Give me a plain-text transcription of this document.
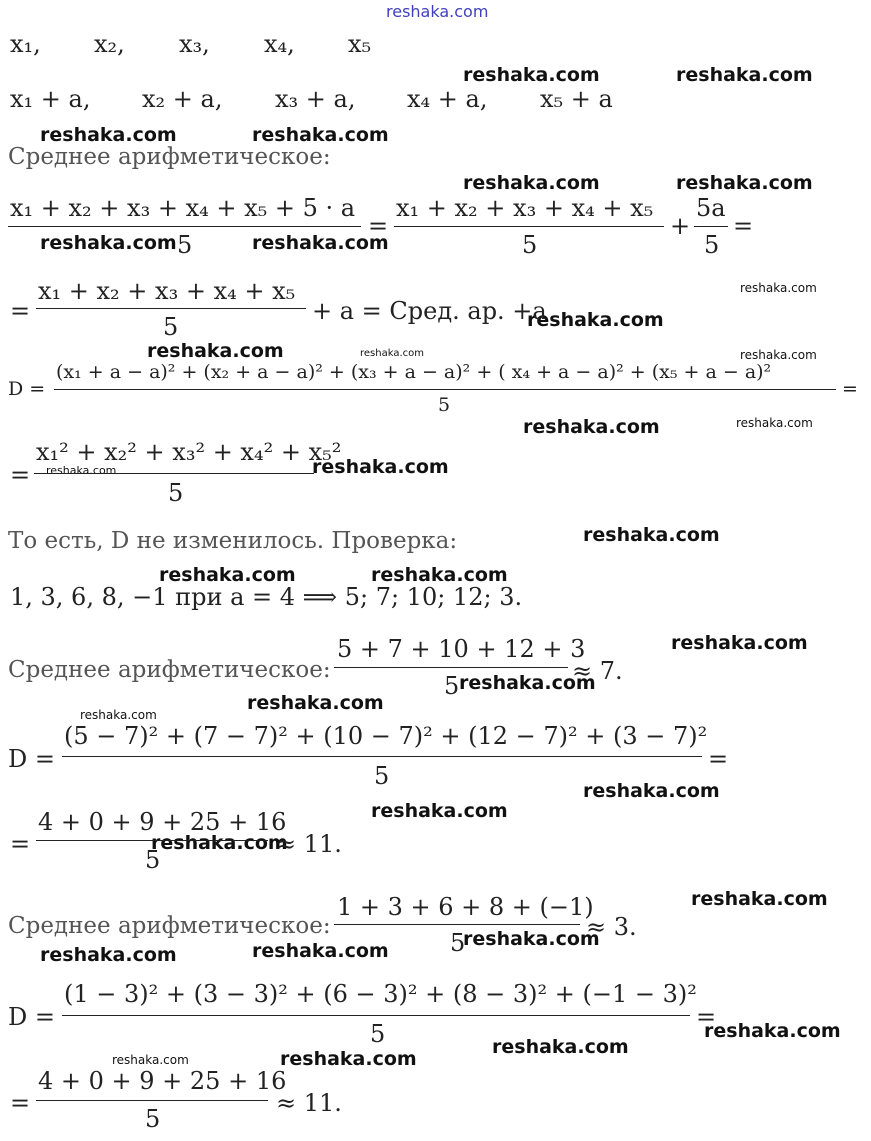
reshaka.com
reshaka.com	reshaka.com
reshaka.com	reshaka.com
reshaka.com	reshaka.com
reshaka.com	reshaka.com
reshaka.com
reshaka.com
reshaka.com	reshaka.com	reshaka.com
reshaka.com
reshaka.com
reshaka.com	reshaka.com
reshaka.com
reshaka.com	reshaka.com
reshaka.com
reshaka.com
reshaka.com
reshaka.com
reshaka.com
reshaka.com
reshaka.com
reshaka.com
reshaka.com
reshaka.com
reshaka.com
reshaka.com
reshaka.com
reshaka.com
reshaka.com
x₁, x₂, x₃, x₄, x₅
x₁ + a, x₂ + a, x₃ + a, x₄ + a, x₅ + a
Среднее арифметическое:
x₁ + x₂ + x₃ + x₄ + x₅ + 5 · a
5
=
x₁ + x₂ + x₃ + x₄ + x₅
5
+
5a
5
=
=
x₁ + x₂ + x₃ + x₄ + x₅
5
+ a = Сред. ар. +a
D =
(x₁ + a − a)² + (x₂ + a − a)² + (x₃ + a − a)² + ( x₄ + a − a)² + (x₅ + a − a)²
5
=
=
x₁² + x₂² + x₃² + x₄² + x₅²
5
То есть, D не изменилось. Проверка:
1, 3, 6, 8, −1 при a = 4 ⟹ 5; 7; 10; 12; 3.
Среднее арифметическое:
5 + 7 + 10 + 12 + 3
5
≈ 7.
D =
(5 − 7)² + (7 − 7)² + (10 − 7)² + (12 − 7)² + (3 − 7)²
5
=
=
4 + 0 + 9 + 25 + 16
5
≈ 11.
Среднее арифметическое:
1 + 3 + 6 + 8 + (−1)
5
≈ 3.
D =
(1 − 3)² + (3 − 3)² + (6 − 3)² + (8 − 3)² + (−1 − 3)²
5
=
=
4 + 0 + 9 + 25 + 16
5
≈ 11.
